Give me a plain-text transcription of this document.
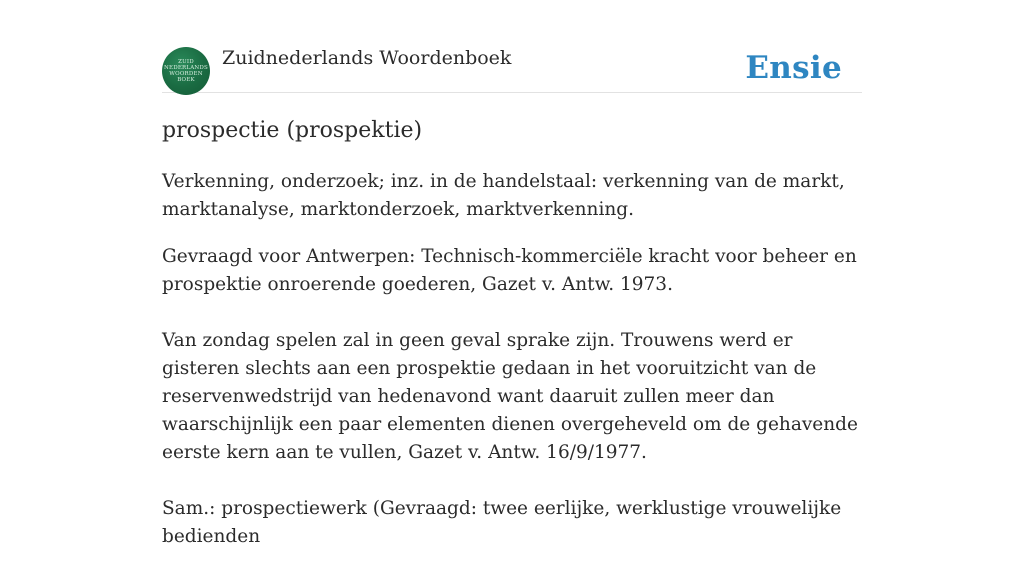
ZUID
NEDERLANDS
WOORDEN
BOEK
Zuidnederlands Woordenboek	Ensie
prospectie (prospektie)

Verkenning, onderzoek; inz. in de handelstaal: verkenning van de markt, marktanalyse, marktonderzoek, marktverkenning.

Gevraagd voor Antwerpen: Technisch-kommerciële kracht voor beheer en prospektie onroerende goederen, Gazet v. Antw. 1973.

Van zondag spelen zal in geen geval sprake zijn. Trouwens werd er gisteren slechts aan een prospektie gedaan in het vooruitzicht van de reservenwedstrijd van hedenavond want daaruit zullen meer dan waarschijnlijk een paar elementen dienen overgeheveld om de gehavende eerste kern aan te vullen, Gazet v. Antw. 16/9/1977.

Sam.: prospectiewerk (Gevraagd: twee eerlijke, werklustige vrouwelijke bedienden
